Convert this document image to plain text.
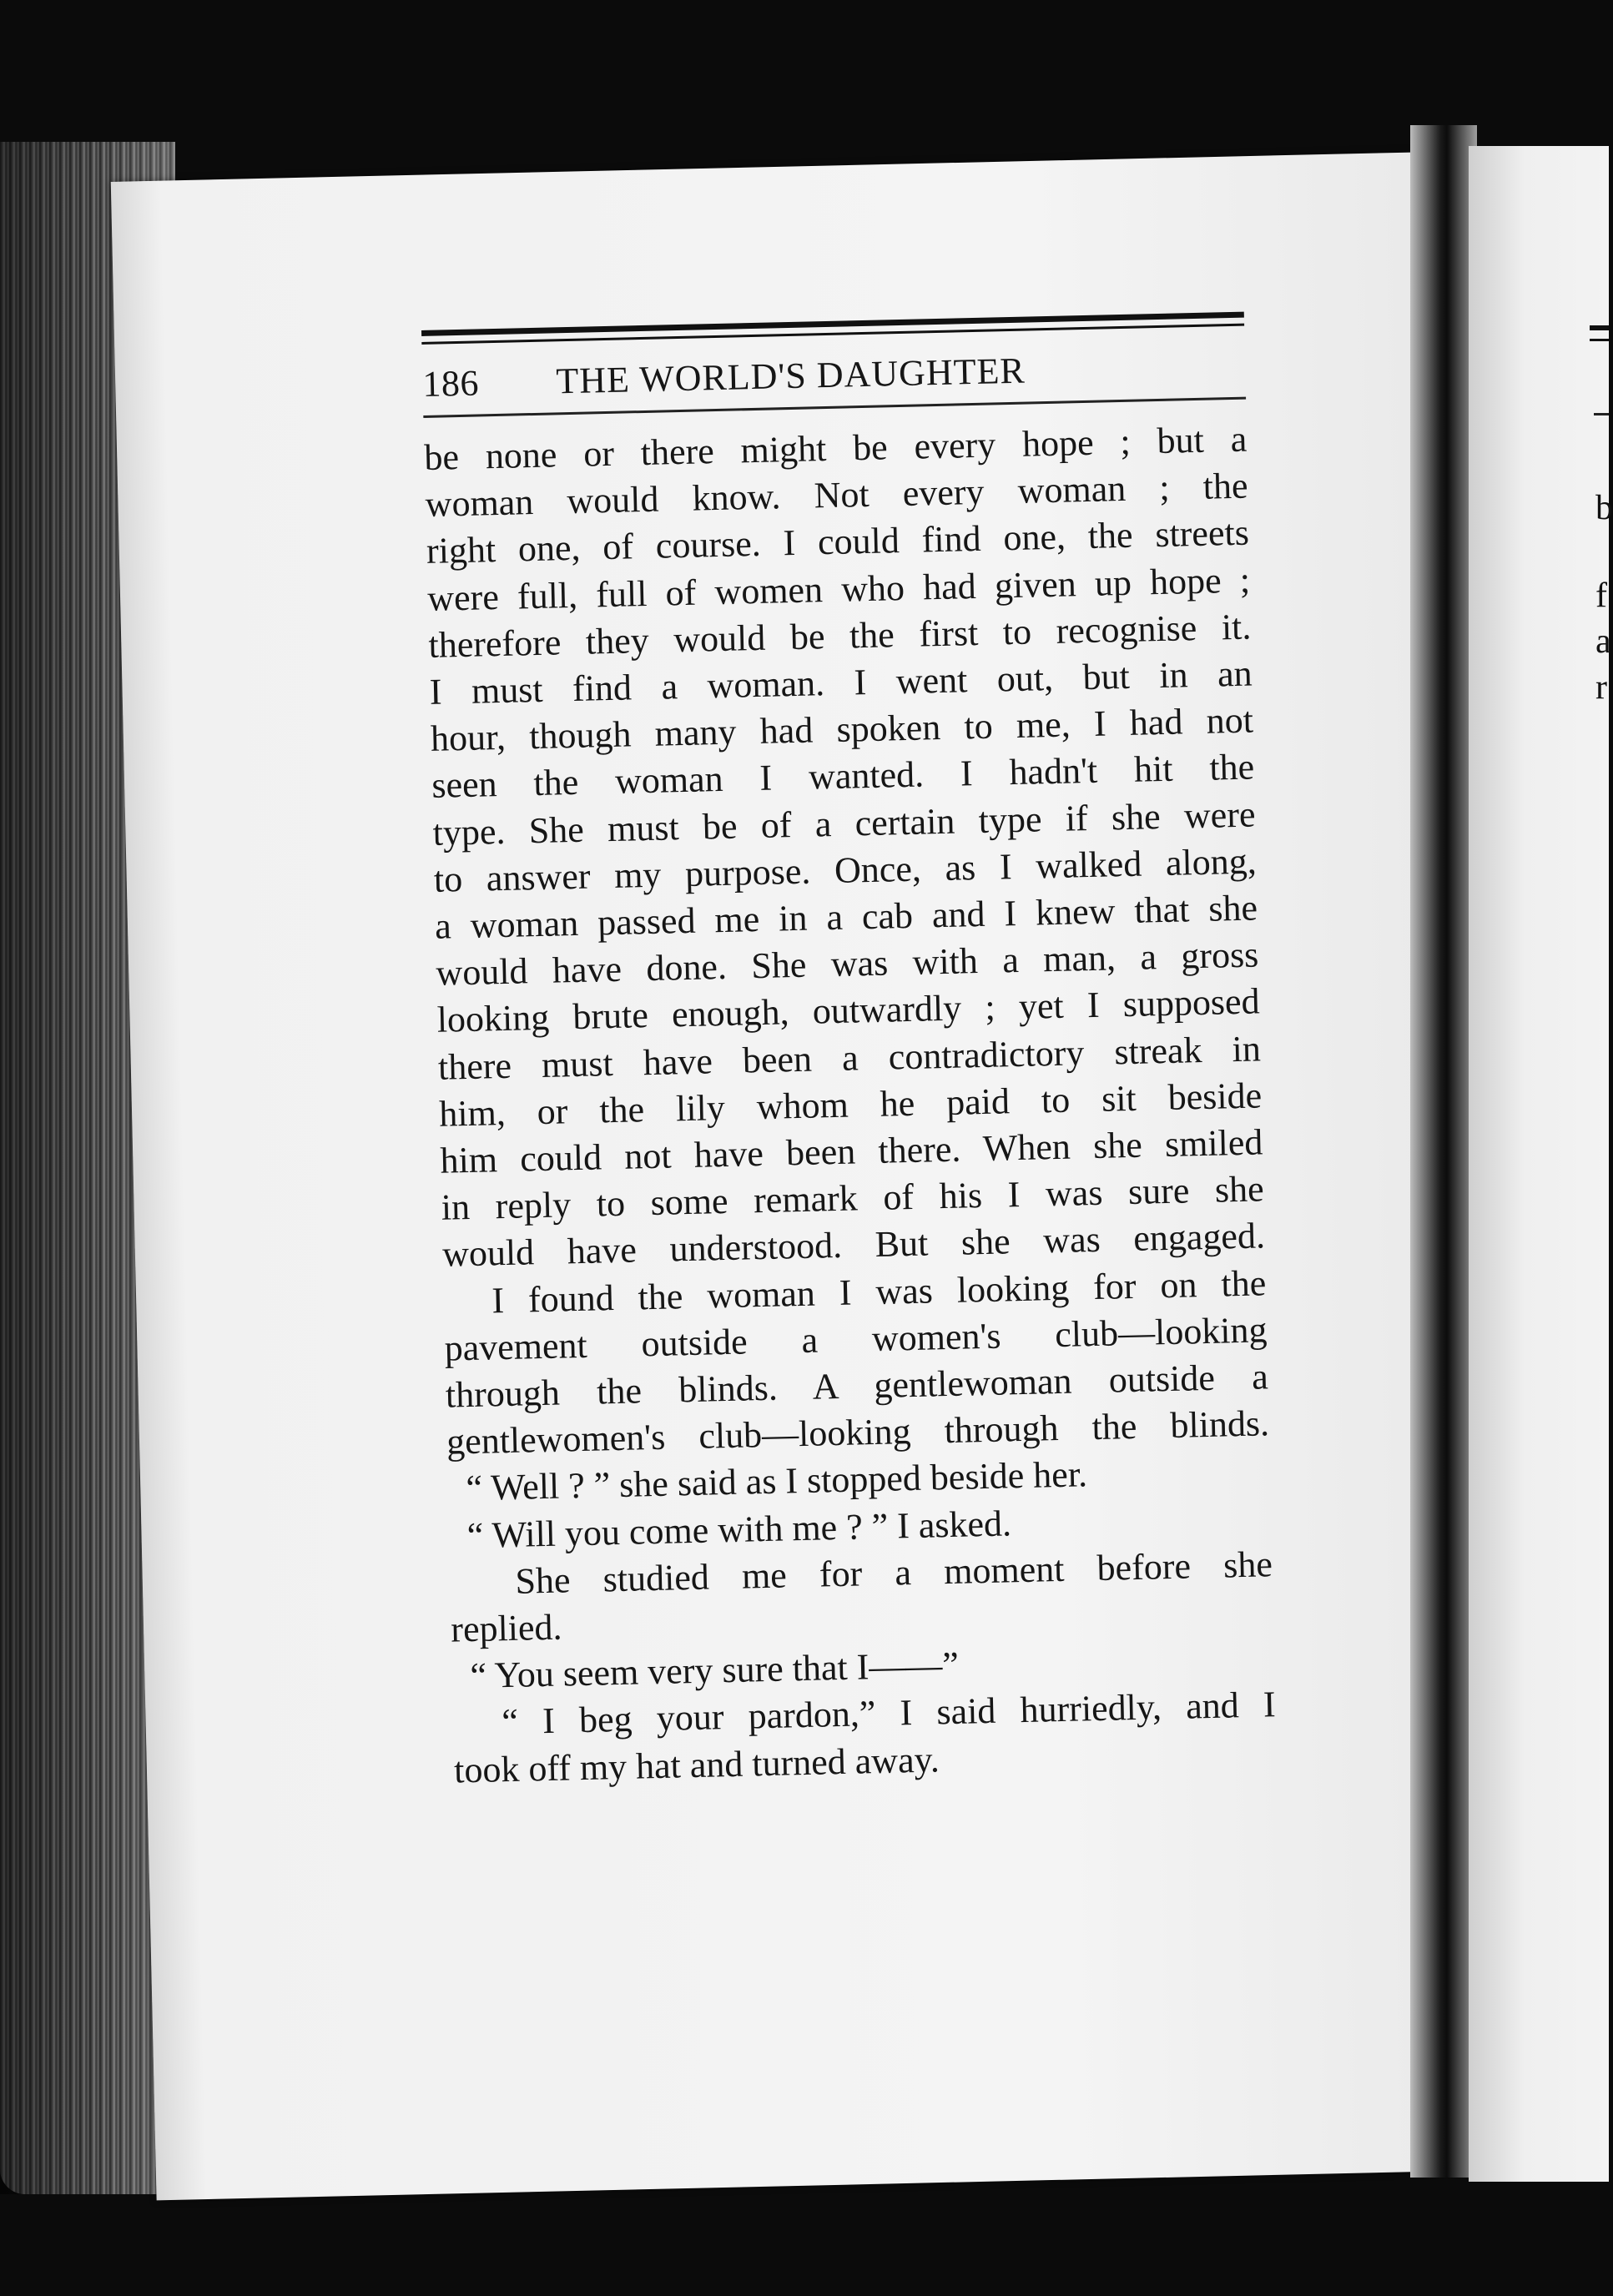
b
f
a
r
186	THE WORLD'S DAUGHTER
be none or there might be every hope ; but a
woman would know. Not every woman ; the
right one, of course. I could find one, the streets
were full, full of women who had given up hope ;
therefore they would be the first to recognise it.
I must find a woman. I went out, but in an
hour, though many had spoken to me, I had not
seen the woman I wanted. I hadn't hit the
type. She must be of a certain type if she were
to answer my purpose. Once, as I walked along,
a woman passed me in a cab and I knew that she
would have done. She was with a man, a gross
looking brute enough, outwardly ; yet I supposed
there must have been a contradictory streak in
him, or the lily whom he paid to sit beside
him could not have been there. When she smiled
in reply to some remark of his I was sure she
would have understood. But she was engaged.
I found the woman I was looking for on the
pavement outside a women's club—looking
through the blinds. A gentlewoman outside a
gentlewomen's club—looking through the blinds.
“ Well ? ” she said as I stopped beside her.
“ Will you come with me ? ” I asked.
She studied me for a moment before she
replied.
“ You seem very sure that I——”
“ I beg your pardon,” I said hurriedly, and I
took off my hat and turned away.
